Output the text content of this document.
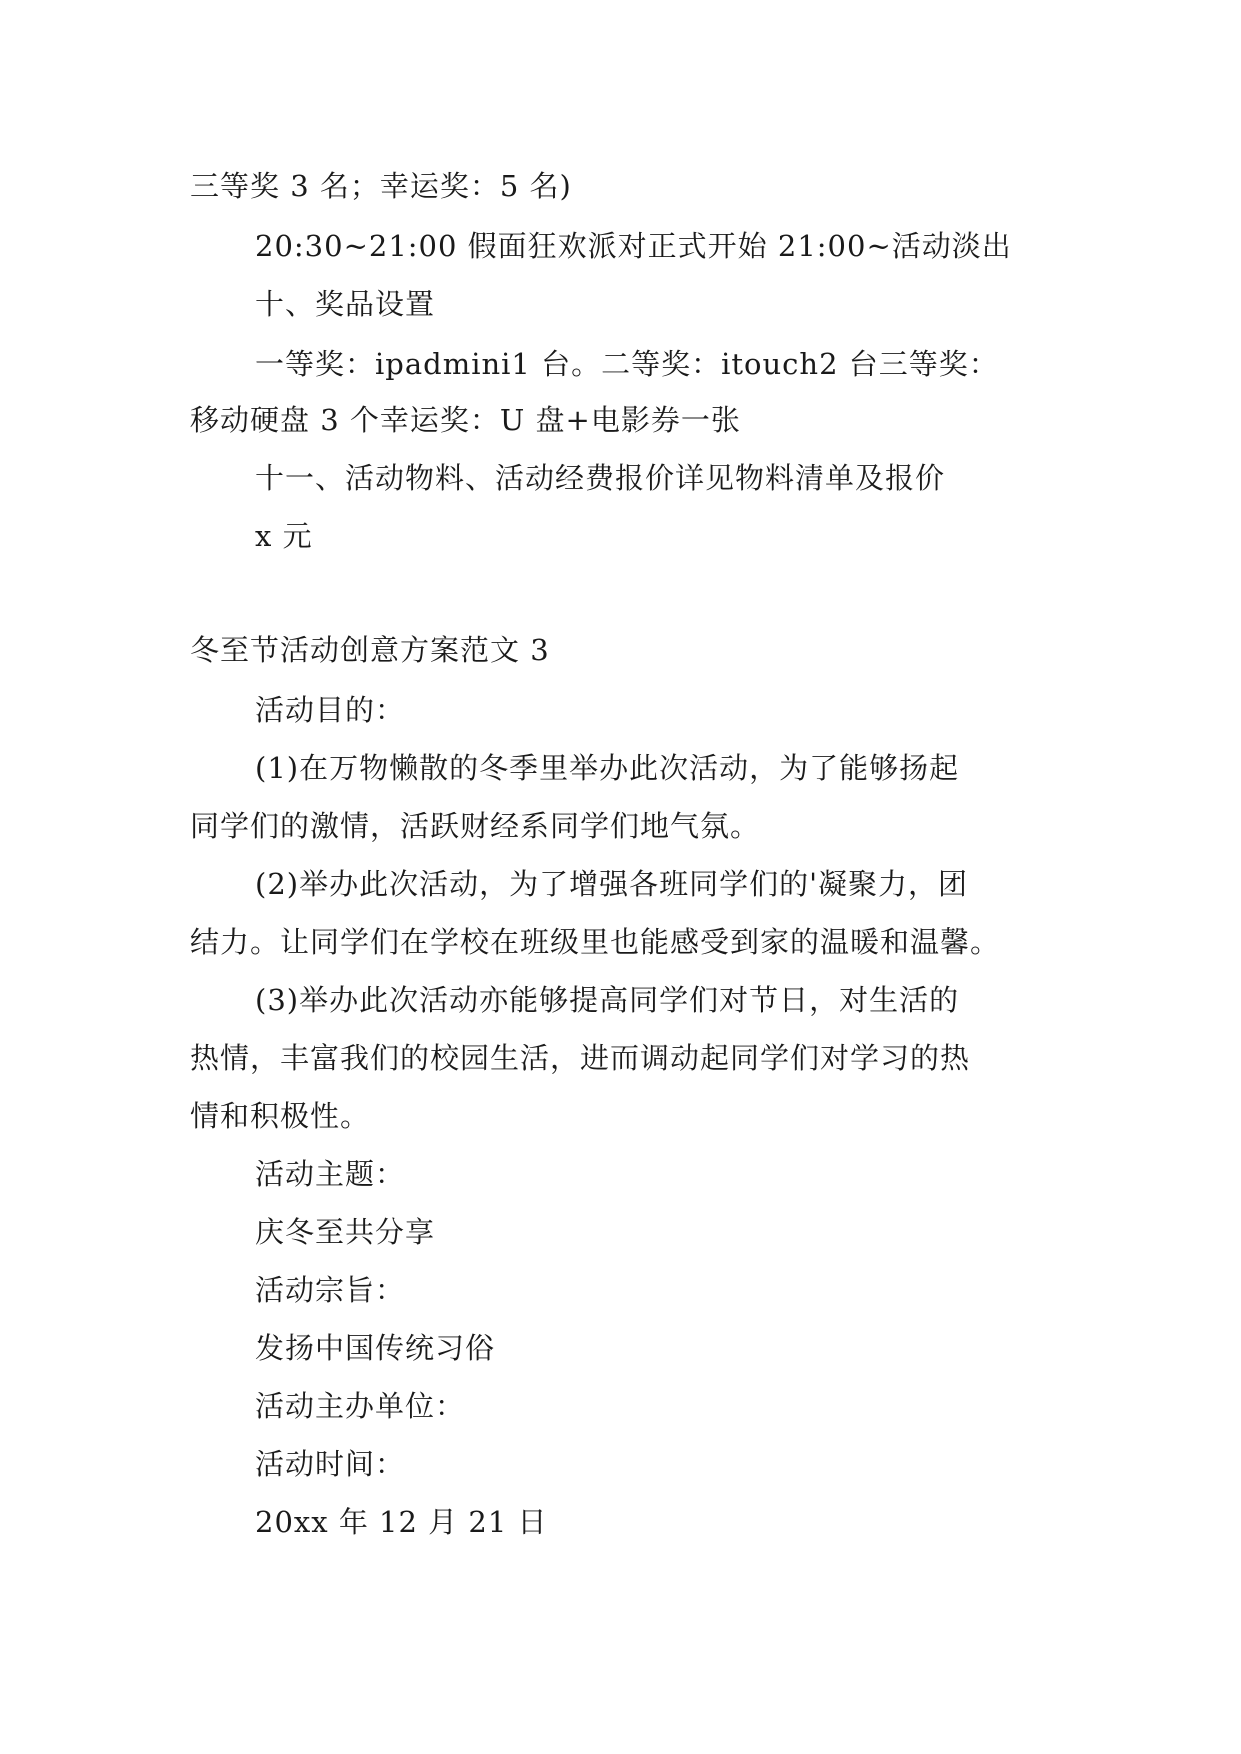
三等奖 3 名；幸运奖：5 名)
20:30~21:00 假面狂欢派对正式开始 21:00~活动淡出
十、奖品设置
一等奖：ipadmini1 台。二等奖：itouch2 台三等奖：
移动硬盘 3 个幸运奖：U 盘+电影券一张
十一、活动物料、活动经费报价详见物料清单及报价
x 元
冬至节活动创意方案范文 3
活动目的：
(1)在万物懒散的冬季里举办此次活动，为了能够扬起
同学们的激情，活跃财经系同学们地气氛。
(2)举办此次活动，为了增强各班同学们的'凝聚力，团
结力。让同学们在学校在班级里也能感受到家的温暖和温馨。
(3)举办此次活动亦能够提高同学们对节日，对生活的
热情，丰富我们的校园生活，进而调动起同学们对学习的热
情和积极性。
活动主题：
庆冬至共分享
活动宗旨：
发扬中国传统习俗
活动主办单位：
活动时间：
20xx 年 12 月 21 日
